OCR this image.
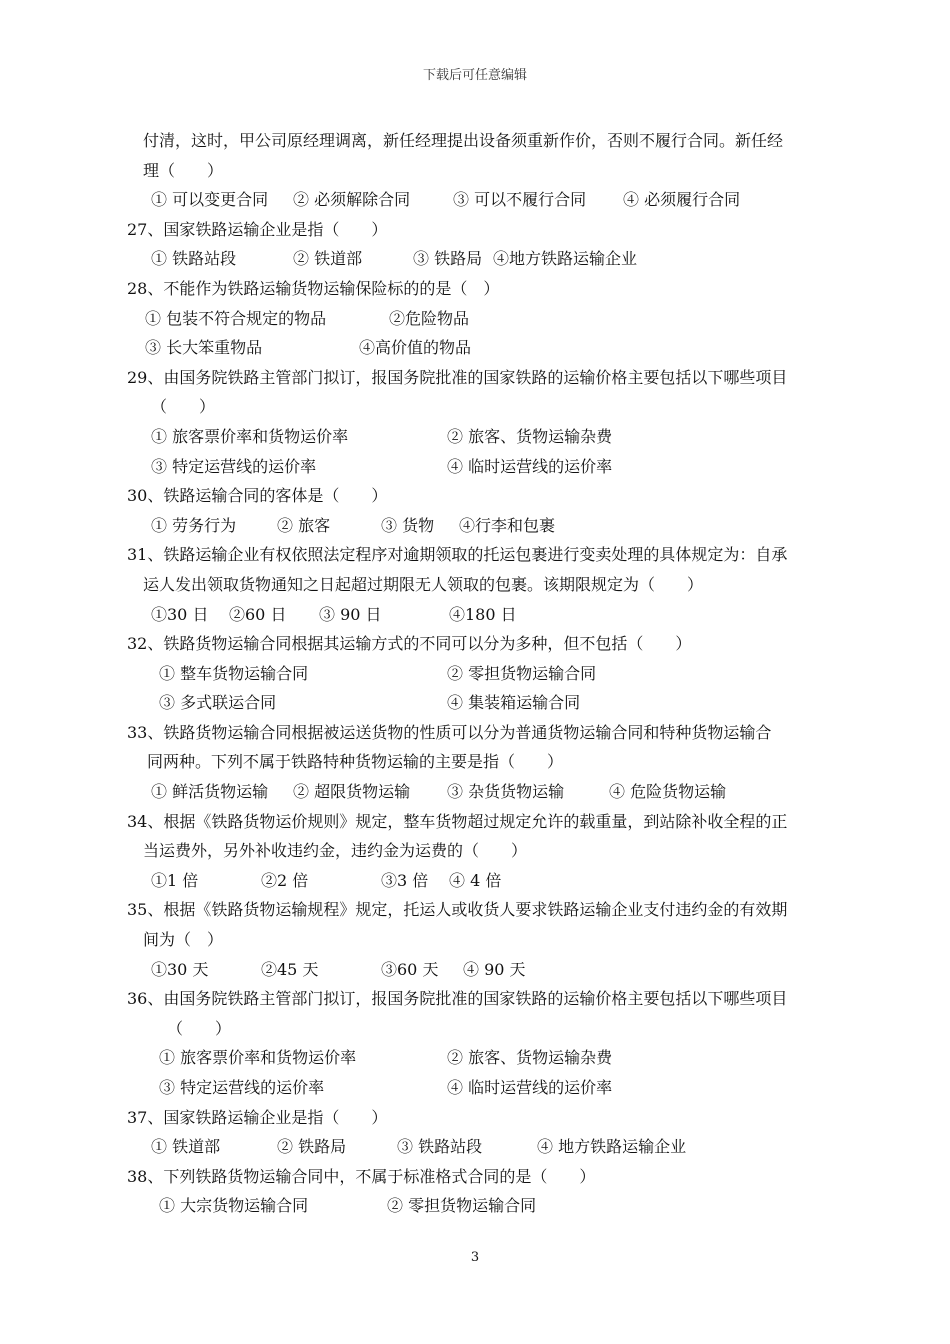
下载后可任意编辑
付清，这时，甲公司原经理调离，新任经理提出设备须重新作价，否则不履行合同。新任经
理（　　）
① 可以变更合同 ② 必须解除合同	③ 可以不履行合同 ④ 必须履行合同
27、国家铁路运输企业是指（　　）
① 铁路站段	② 铁道部	③ 铁路局 ④地方铁路运输企业
28、不能作为铁路运输货物运输保险标的的是（　）
① 包装不符合规定的物品	②危险物品
③ 长大笨重物品	④高价值的物品
29、由国务院铁路主管部门拟订，报国务院批准的国家铁路的运输价格主要包括以下哪些项目
（　　）
① 旅客票价率和货物运价率	② 旅客、货物运输杂费
③ 特定运营线的运价率	④ 临时运营线的运价率
30、铁路运输合同的客体是（　　）
① 劳务行为	② 旅客	③ 货物 ④行李和包裹
31、铁路运输企业有权依照法定程序对逾期领取的托运包裹进行变卖处理的具体规定为：自承
运人发出领取货物通知之日起超过期限无人领取的包裹。该期限规定为（　　）
①30 日 ②60 日 ③ 90 日	④180 日
32、铁路货物运输合同根据其运输方式的不同可以分为多种，但不包括（　　）
① 整车货物运输合同	② 零担货物运输合同
③ 多式联运合同	④ 集装箱运输合同
33、铁路货物运输合同根据被运送货物的性质可以分为普通货物运输合同和特种货物运输合
同两种。下列不属于铁路特种货物运输的主要是指（　　）
① 鲜活货物运输 ② 超限货物运输 ③ 杂货货物运输	④ 危险货物运输
34、根据《铁路货物运价规则》规定，整车货物超过规定允许的载重量，到站除补收全程的正
当运费外，另外补收违约金，违约金为运费的（　　）
①1 倍	②2 倍	③3 倍 ④ 4 倍
35、根据《铁路货物运输规程》规定，托运人或收货人要求铁路运输企业支付违约金的有效期
间为（　）
①30 天	②45 天	③60 天 ④ 90 天
36、由国务院铁路主管部门拟订，报国务院批准的国家铁路的运输价格主要包括以下哪些项目
（　　）
① 旅客票价率和货物运价率	② 旅客、货物运输杂费
③ 特定运营线的运价率	④ 临时运营线的运价率
37、国家铁路运输企业是指（　　）
① 铁道部	② 铁路局	③ 铁路站段	④ 地方铁路运输企业
38、下列铁路货物运输合同中，不属于标准格式合同的是（　　）
① 大宗货物运输合同	② 零担货物运输合同
3
